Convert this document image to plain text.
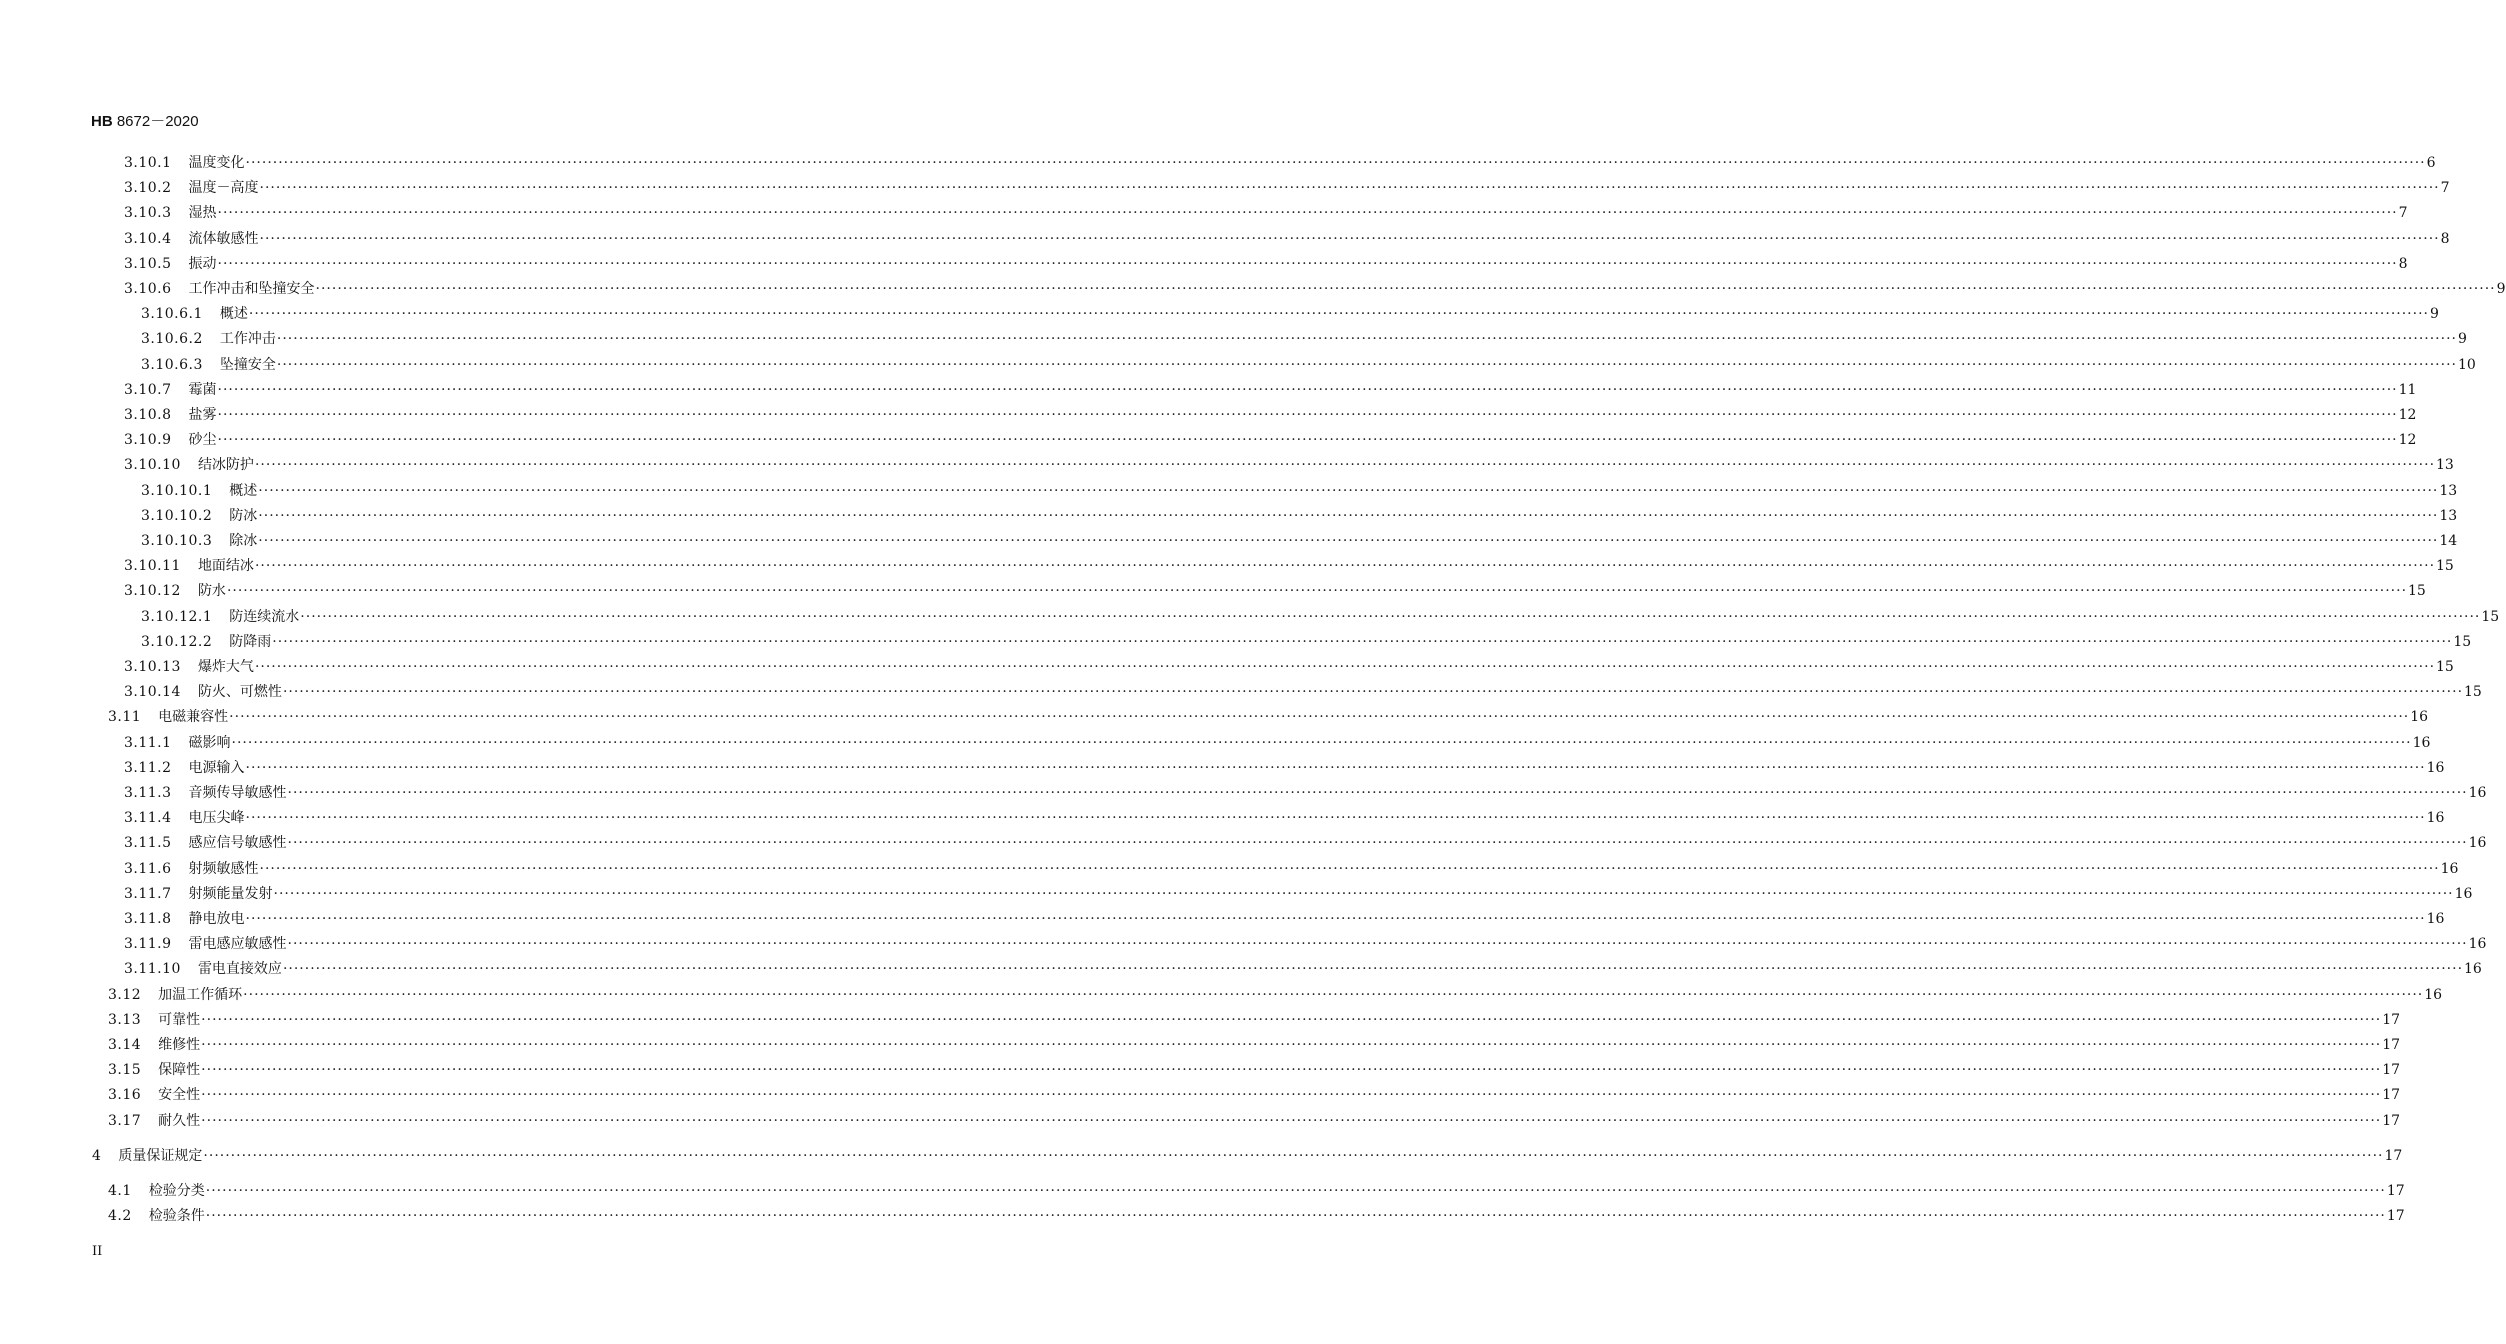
HB 8672－2020
3.10.1 温度变化 ················································································································································································································································································································································································································ 6
3.10.2 温度－高度 ················································································································································································································································································································································································································ 7
3.10.3 湿热 ················································································································································································································································································································································································································ 7
3.10.4 流体敏感性 ················································································································································································································································································································································································································ 8
3.10.5 振动 ················································································································································································································································································································································································································ 8
3.10.6 工作冲击和坠撞安全 ················································································································································································································································································································································································································ 9
3.10.6.1 概述 ················································································································································································································································································································································································································ 9
3.10.6.2 工作冲击 ················································································································································································································································································································································································································ 9
3.10.6.3 坠撞安全 ················································································································································································································································································································································································································ 10
3.10.7 霉菌 ················································································································································································································································································································································································································ 11
3.10.8 盐雾 ················································································································································································································································································································································································································ 12
3.10.9 砂尘 ················································································································································································································································································································································································································ 12
3.10.10 结冰防护 ················································································································································································································································································································································································································ 13
3.10.10.1 概述 ················································································································································································································································································································································································································ 13
3.10.10.2 防冰 ················································································································································································································································································································································································································ 13
3.10.10.3 除冰 ················································································································································································································································································································································································································ 14
3.10.11 地面结冰 ················································································································································································································································································································································································································ 15
3.10.12 防水 ················································································································································································································································································································································································································ 15
3.10.12.1 防连续流水 ················································································································································································································································································································································································································ 15
3.10.12.2 防降雨 ················································································································································································································································································································································································································ 15
3.10.13 爆炸大气 ················································································································································································································································································································································································································ 15
3.10.14 防火、可燃性 ················································································································································································································································································································································································································ 15
3.11 电磁兼容性 ················································································································································································································································································································································································································ 16
3.11.1 磁影响 ················································································································································································································································································································································································································ 16
3.11.2 电源输入 ················································································································································································································································································································································································································ 16
3.11.3 音频传导敏感性 ················································································································································································································································································································································································································ 16
3.11.4 电压尖峰 ················································································································································································································································································································································································································ 16
3.11.5 感应信号敏感性 ················································································································································································································································································································································································································ 16
3.11.6 射频敏感性 ················································································································································································································································································································································································································ 16
3.11.7 射频能量发射 ················································································································································································································································································································································································································ 16
3.11.8 静电放电 ················································································································································································································································································································································································································ 16
3.11.9 雷电感应敏感性 ················································································································································································································································································································································································································ 16
3.11.10 雷电直接效应 ················································································································································································································································································································································································································ 16
3.12 加温工作循环 ················································································································································································································································································································································································································ 16
3.13 可靠性 ················································································································································································································································································································································································································ 17
3.14 维修性 ················································································································································································································································································································································································································ 17
3.15 保障性 ················································································································································································································································································································································································································ 17
3.16 安全性 ················································································································································································································································································································································································································ 17
3.17 耐久性 ················································································································································································································································································································································································································ 17
4 质量保证规定 ················································································································································································································································································································································································································ 17
4.1 检验分类 ················································································································································································································································································································································································································ 17
4.2 检验条件 ················································································································································································································································································································································································································ 17
II
